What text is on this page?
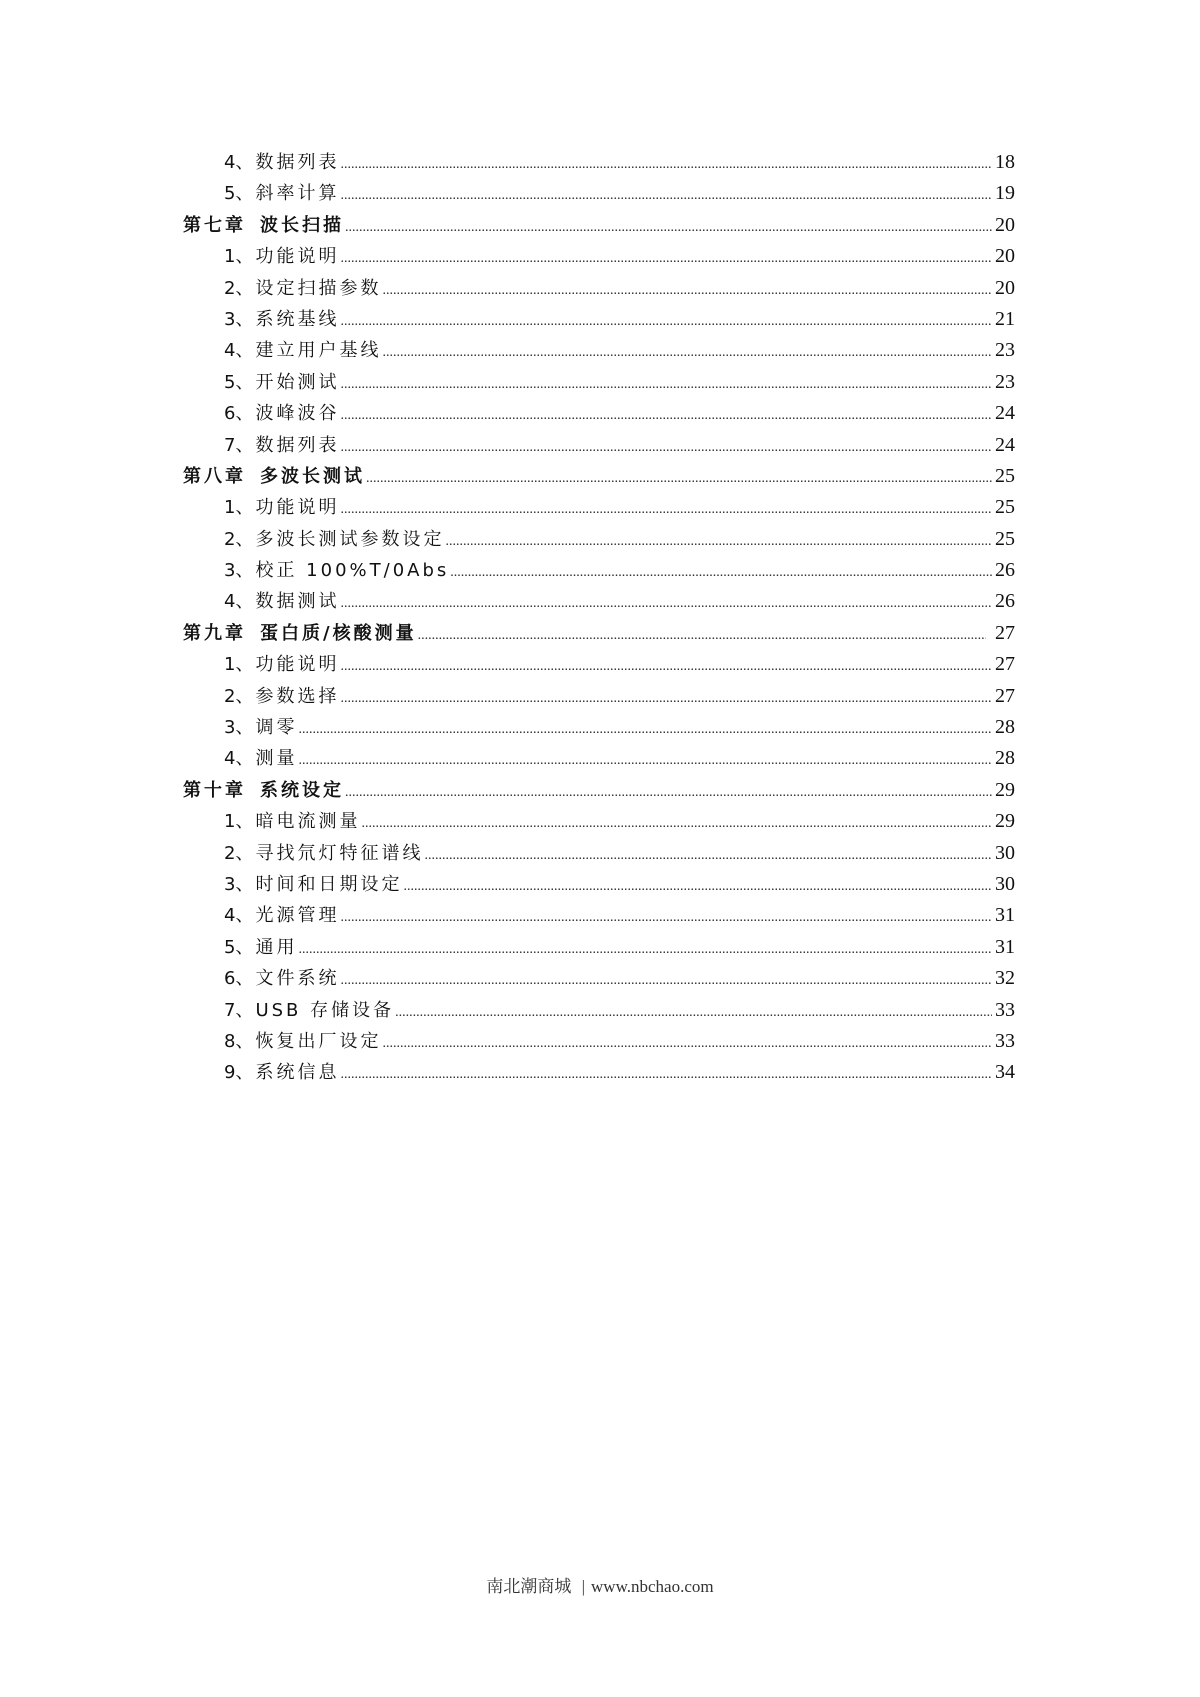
4、 数据列表 .....	18
5、 斜率计算 .....	19
第七章 波长扫描 .....	20
1、 功能说明 .....	20
2、 设定扫描参数 .....	20
3、 系统基线 .....	21
4、 建立用户基线 .....	23
5、 开始测试 .....	23
6、 波峰波谷 .....	24
7、 数据列表 .....	24
第八章 多波长测试 .....	25
1、 功能说明 .....	25
2、 多波长测试参数设定 .....	25
3、 校正 100%T/0Abs .....	26
4、 数据测试 .....	26
第九章 蛋白质/核酸测量 .....	27
1、 功能说明 .....	27
2、 参数选择 .....	27
3、 调零 .....	28
4、 测量 .....	28
第十章 系统设定 .....	29
1、 暗电流测量 .....	29
2、 寻找氘灯特征谱线 .....	30
3、 时间和日期设定 .....	30
4、 光源管理 .....	31
5、 通用 .....	31
6、 文件系统 .....	32
7、 USB 存储设备 .....	33
8、 恢复出厂设定 .....	33
9、 系统信息 .....	34
南北潮商城 | www.nbchao.com
